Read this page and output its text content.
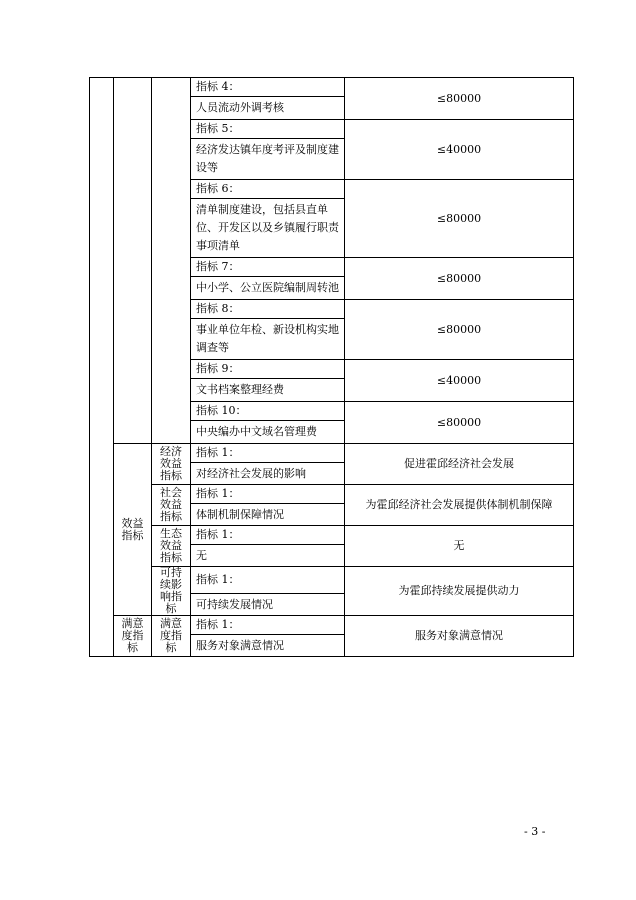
			指标 4：	≤80000
			人员流动外调考核	
			指标 5：	≤40000
			经济发达镇年度考评及制度建设等	
			指标 6：	≤80000
			清单制度建设，包括县直单位、开发区以及乡镇履行职责事项清单	
			指标 7：	≤80000
			中小学、公立医院编制周转池	
			指标 8：	≤80000
			事业单位年检、新设机构实地调查等	
			指标 9：	≤40000
			文书档案整理经费	
			指标 10：	≤80000
			中央编办中文域名管理费	
	效益指标	经济效益指标	指标 1：	促进霍邱经济社会发展
			对经济社会发展的影响	
		社会效益指标	指标 1：	为霍邱经济社会发展提供体制机制保障
			体制机制保障情况	
		生态效益指标	指标 1：	无
			无	
		可持续影响指标	指标 1：	为霍邱持续发展提供动力
			可持续发展情况	
	满意度指标	满意度指标	指标 1：	服务对象满意情况
			服务对象满意情况	
- 3 -
